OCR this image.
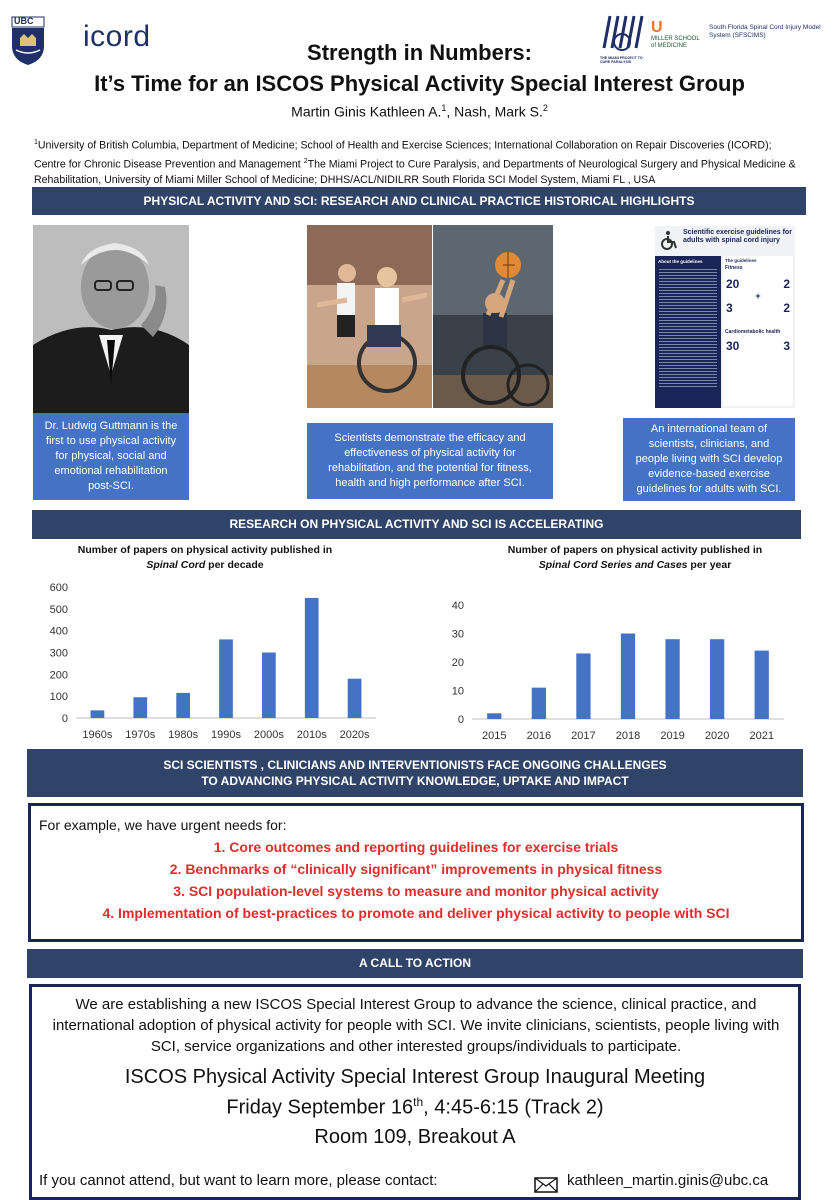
UBC icord
THE MIAMI PROJECT TO CURE PARALYSIS
U
MILLER SCHOOL of MEDICINE
South Florida Spinal Cord Injury Model System (SFSCIMS)
Strength in Numbers:
It’s Time for an ISCOS Physical Activity Special Interest Group
Martin Ginis Kathleen A.$^1$, Nash, Mark S.$^2$
$^1$University of British Columbia, Department of Medicine; School of Health and Exercise Sciences; International Collaboration on Repair Discoveries (ICORD); Centre for Chronic Disease Prevention and Management $^2$The Miami Project to Cure Paralysis, and Departments of Neurological Surgery and Physical Medicine & Rehabilitation, University of Miami Miller School of Medicine; DHHS/ACL/NIDILRR South Florida SCI Model System, Miami FL , USA
PHYSICAL ACTIVITY AND SCI: RESEARCH AND CLINICAL PRACTICE HISTORICAL HIGHLIGHTS
Dr. Ludwig Guttmann is the first to use physical activity for physical, social and emotional rehabilitation post-SCI.
Scientists demonstrate the efficacy and effectiveness of physical activity for rehabilitation, and the potential for fitness, health and high performance after SCI.
Scientific exercise guidelines for adults with spinal cord injury
About the guidelines	The guidelines
Fitness
20	2
+
3	2
Cardiometabolic health
30	3
An international team of scientists, clinicians, and people living with SCI develop evidence-based exercise guidelines for adults with SCI.
RESEARCH ON PHYSICAL ACTIVITY AND SCI IS ACCELERATING
Number of papers on physical activity published in
Spinal Cord per decade
Number of papers on physical activity published in
Spinal Cord Series and Cases per year
0
100
200
300
400
500
600
1960s 1970s 1980s 1990s 2000s 2010s 2020s
0
10
20
30
40
2015 2016 2017 2018 2019 2020 2021
SCI SCIENTISTS , CLINICIANS AND INTERVENTIONISTS FACE ONGOING CHALLENGES
TO ADVANCING PHYSICAL ACTIVITY KNOWLEDGE, UPTAKE AND IMPACT
For example, we have urgent needs for:
1. Core outcomes and reporting guidelines for exercise trials
2. Benchmarks of “clinically significant” improvements in physical fitness
3. SCI population-level systems to measure and monitor physical activity
4. Implementation of best-practices to promote and deliver physical activity to people with SCI
A CALL TO ACTION
We are establishing a new ISCOS Special Interest Group to advance the science, clinical practice, and international adoption of physical activity for people with SCI. We invite clinicians, scientists, people living with SCI, service organizations and other interested groups/individuals to participate.
ISCOS Physical Activity Special Interest Group Inaugural Meeting
Friday September 16th, 4:45-6:15 (Track 2)
Room 109, Breakout A
If you cannot attend, but want to learn more, please contact:	kathleen_martin.ginis@ubc.ca
